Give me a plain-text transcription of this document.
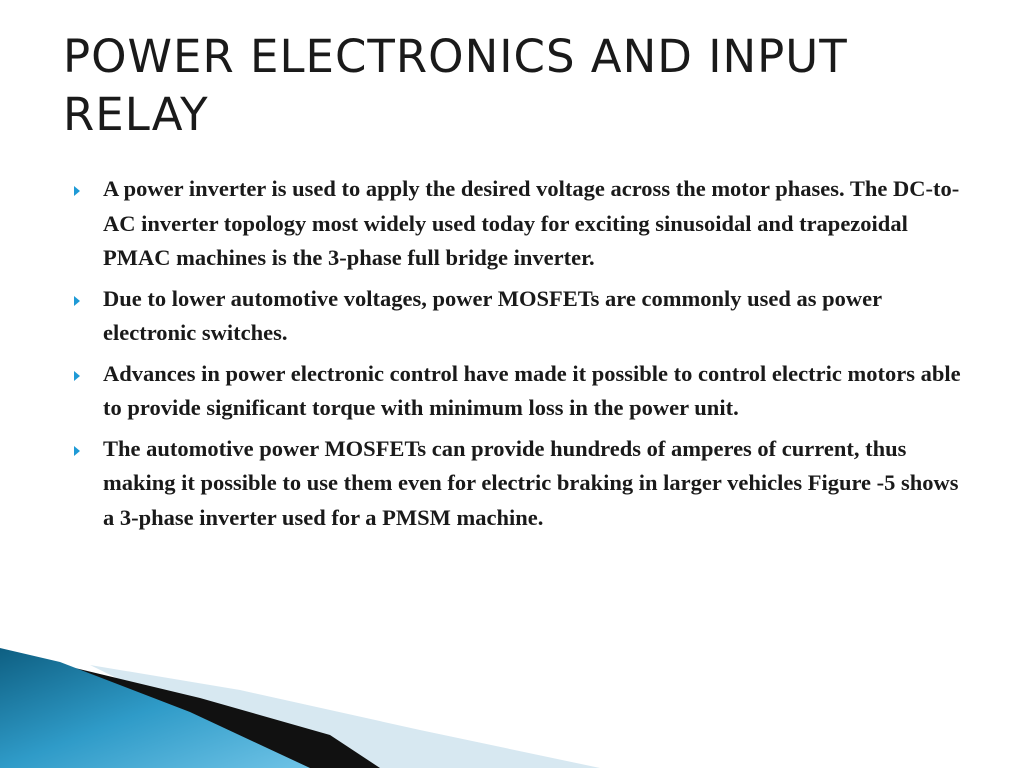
POWER ELECTRONICS AND INPUT RELAY
A power inverter is used to apply the desired voltage across the motor phases. The DC-to-AC inverter topology most widely used today for exciting sinusoidal and trapezoidal PMAC machines is the 3-phase full bridge inverter.
Due to lower automotive voltages, power MOSFETs are commonly used as power electronic switches.
Advances in power electronic control have made it possible to control electric motors able to provide significant torque with minimum loss in the power unit.
The automotive power MOSFETs can provide hundreds of amperes of current, thus making it possible to use them even for electric braking in larger vehicles Figure -5 shows a 3-phase inverter used for a PMSM machine.
